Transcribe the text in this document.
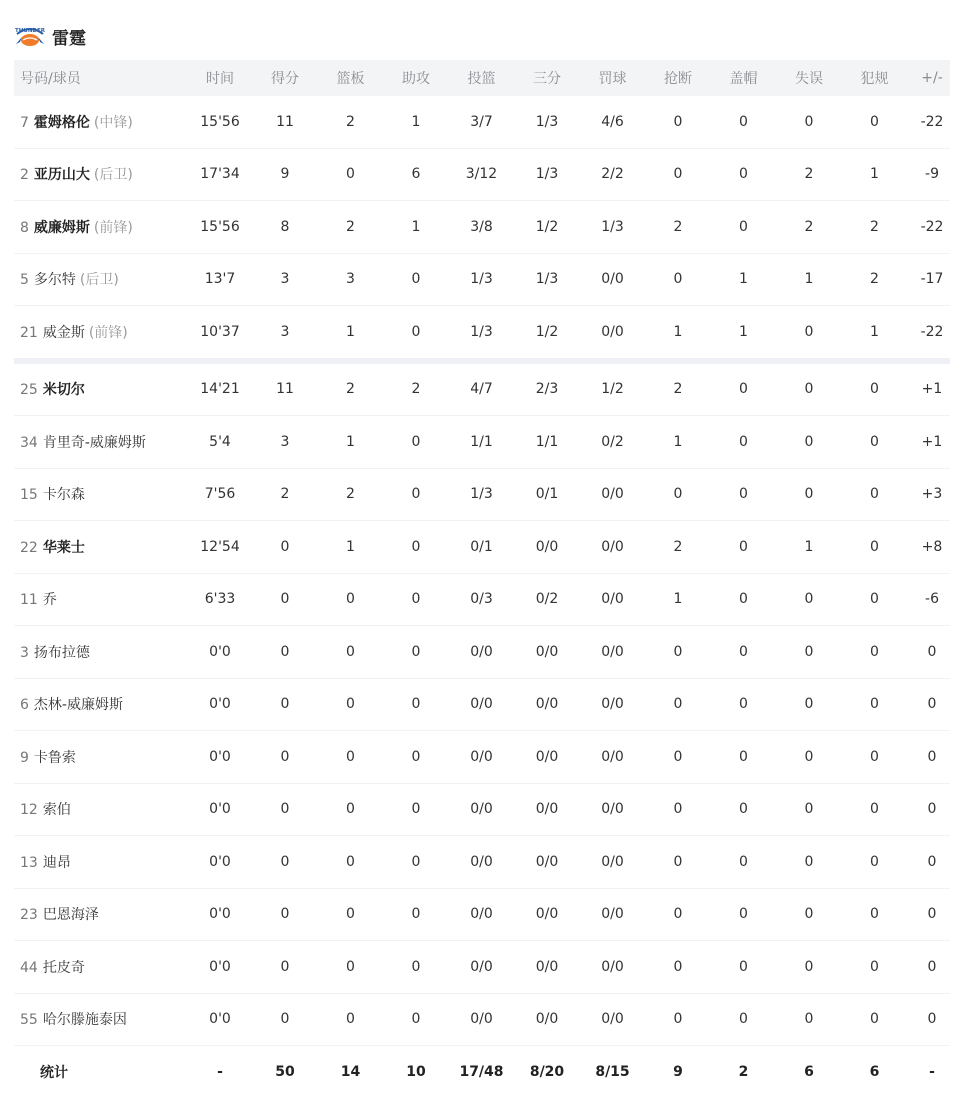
THUNDER 雷霆
号码/球员	时间	得分	篮板	助攻	投篮	三分	罚球	抢断	盖帽	失误	犯规	+/-
7 霍姆格伦 (中锋)	15'56	11	2	1	3/7	1/3	4/6	0	0	0	0	-22
2 亚历山大 (后卫)	17'34	9	0	6	3/12	1/3	2/2	0	0	2	1	-9
8 威廉姆斯 (前锋)	15'56	8	2	1	3/8	1/2	1/3	2	0	2	2	-22
5 多尔特 (后卫)	13'7	3	3	0	1/3	1/3	0/0	0	1	1	2	-17
21 威金斯 (前锋)	10'37	3	1	0	1/3	1/2	0/0	1	1	0	1	-22
25 米切尔	14'21	11	2	2	4/7	2/3	1/2	2	0	0	0	+1
34 肯里奇-威廉姆斯	5'4	3	1	0	1/1	1/1	0/2	1	0	0	0	+1
15 卡尔森	7'56	2	2	0	1/3	0/1	0/0	0	0	0	0	+3
22 华莱士	12'54	0	1	0	0/1	0/0	0/0	2	0	1	0	+8
11 乔	6'33	0	0	0	0/3	0/2	0/0	1	0	0	0	-6
3 扬布拉德	0'0	0	0	0	0/0	0/0	0/0	0	0	0	0	0
6 杰林-威廉姆斯	0'0	0	0	0	0/0	0/0	0/0	0	0	0	0	0
9 卡鲁索	0'0	0	0	0	0/0	0/0	0/0	0	0	0	0	0
12 索伯	0'0	0	0	0	0/0	0/0	0/0	0	0	0	0	0
13 迪昂	0'0	0	0	0	0/0	0/0	0/0	0	0	0	0	0
23 巴恩海泽	0'0	0	0	0	0/0	0/0	0/0	0	0	0	0	0
44 托皮奇	0'0	0	0	0	0/0	0/0	0/0	0	0	0	0	0
55 哈尔滕施泰因	0'0	0	0	0	0/0	0/0	0/0	0	0	0	0	0
统计	-	50	14	10	17/48	8/20	8/15	9	2	6	6	-
